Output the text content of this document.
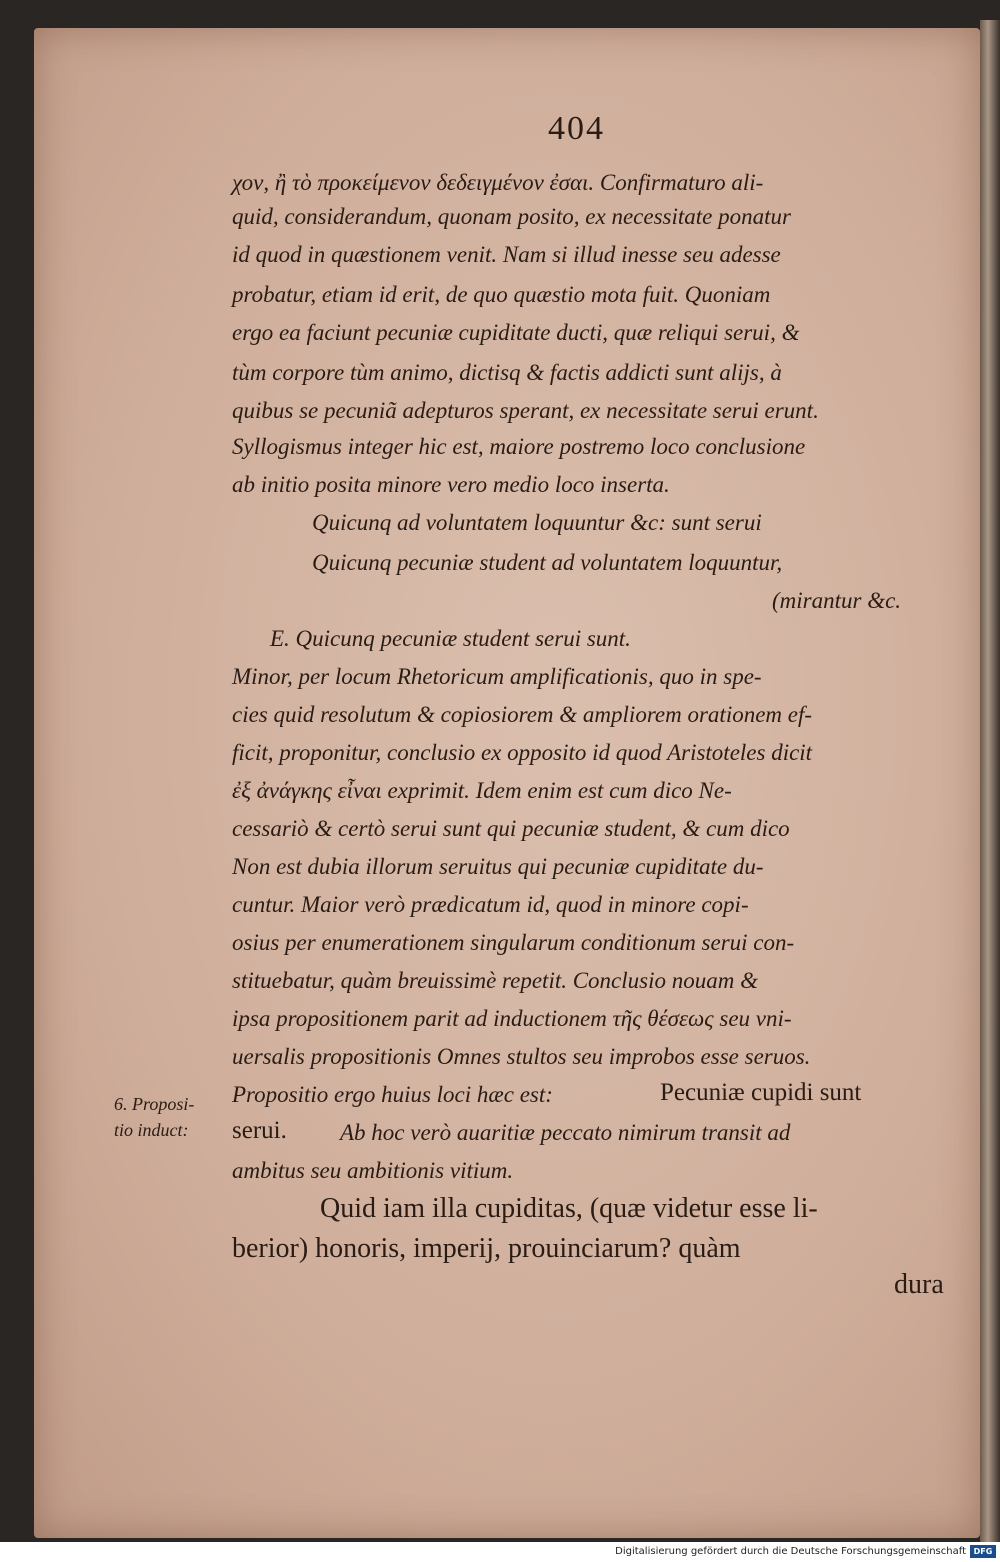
404
χον, ἢ τὸ προκείμενον δεδειγμένον ἐσαι. Confirmaturo ali-
quid, considerandum, quonam posito, ex necessitate ponatur
id quod in quæstionem venit. Nam si illud inesse seu adesse
probatur, etiam id erit, de quo quæstio mota fuit. Quoniam
ergo ea faciunt pecuniæ cupiditate ducti, quæ reliqui serui, &
tùm corpore tùm animo, dictisq & factis addicti sunt alijs, à
quibus se pecuniã adepturos sperant, ex necessitate serui erunt.
Syllogismus integer hic est, maiore postremo loco conclusione
ab initio posita minore vero medio loco inserta.
Quicunq ad voluntatem loquuntur &c: sunt serui
Quicunq pecuniæ student ad voluntatem loquuntur,
(mirantur &c.
E. Quicunq pecuniæ student serui sunt.
Minor, per locum Rhetoricum amplificationis, quo in spe-
cies quid resolutum & copiosiorem & ampliorem orationem ef-
ficit, proponitur, conclusio ex opposito id quod Aristoteles dicit
ἐξ ἀνάγκης εἶναι exprimit. Idem enim est cum dico Ne-
cessariò & certò serui sunt qui pecuniæ student, & cum dico
Non est dubia illorum seruitus qui pecuniæ cupiditate du-
cuntur. Maior verò prædicatum id, quod in minore copi-
osius per enumerationem singularum conditionum serui con-
stituebatur, quàm breuissimè repetit. Conclusio nouam &
ipsa propositionem parit ad inductionem τῆς θέσεως seu vni-
uersalis propositionis Omnes stultos seu improbos esse seruos.
Propositio ergo huius loci hæc est:	Pecuniæ cupidi sunt
serui. Ab hoc verò auaritiæ peccato nimirum transit ad
ambitus seu ambitionis vitium.
Quid iam illa cupiditas, (quæ videtur esse li-
berior) honoris, imperij, prouinciarum? quàm
dura
6. Proposi-
tio induct:
Digitalisierung gefördert durch die Deutsche Forschungsgemeinschaft DFG
